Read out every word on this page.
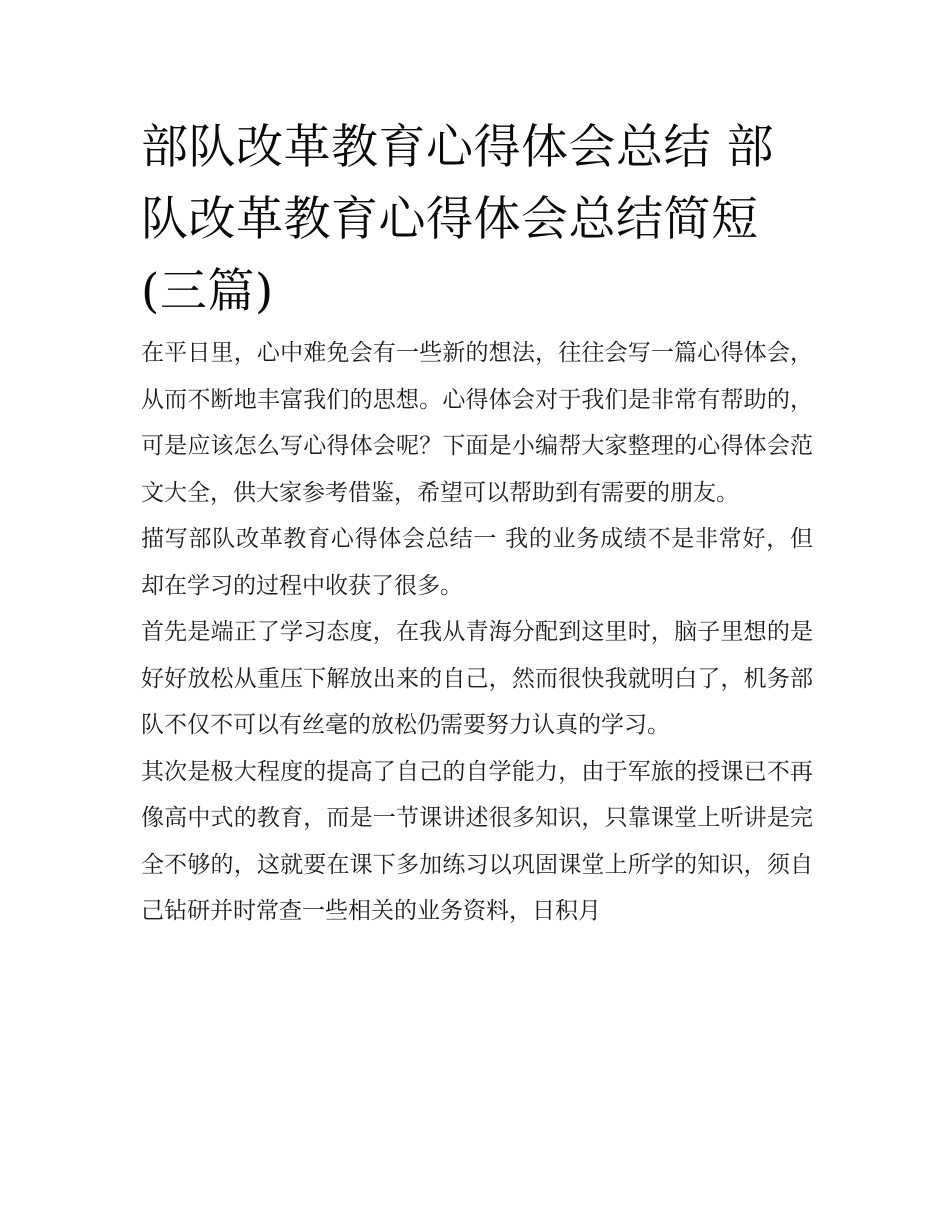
部队改革教育心得体会总结 部队改革教育心得体会总结简短(三篇)

在平日里，心中难免会有一些新的想法，往往会写一篇心得体会，从而不断地丰富我们的思想。心得体会对于我们是非常有帮助的，可是应该怎么写心得体会呢？下面是小编帮大家整理的心得体会范文大全，供大家参考借鉴，希望可以帮助到有需要的朋友。

描写部队改革教育心得体会总结一 我的业务成绩不是非常好，但却在学习的过程中收获了很多。

首先是端正了学习态度，在我从青海分配到这里时，脑子里想的是好好放松从重压下解放出来的自己，然而很快我就明白了，机务部队不仅不可以有丝毫的放松仍需要努力认真的学习。

其次是极大程度的提高了自己的自学能力，由于军旅的授课已不再像高中式的教育，而是一节课讲述很多知识，只靠课堂上听讲是完全不够的，这就要在课下多加练习以巩固课堂上所学的知识，须自己钻研并时常查一些相关的业务资料，日积月
